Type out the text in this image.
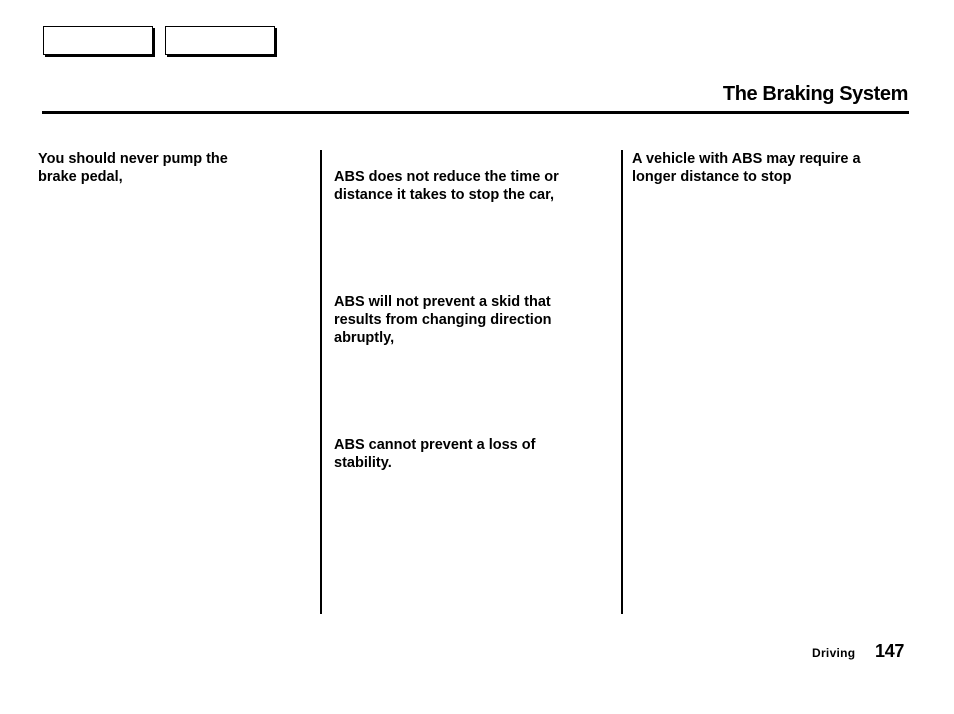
The Braking System
You should never pump the
brake pedal,	ABS does not reduce the time or
distance it takes to stop the car,
ABS will not prevent a skid that
results from changing direction
abruptly,
ABS cannot prevent a loss of
stability.
A vehicle with ABS may require a
longer distance to stop
Driving 147
